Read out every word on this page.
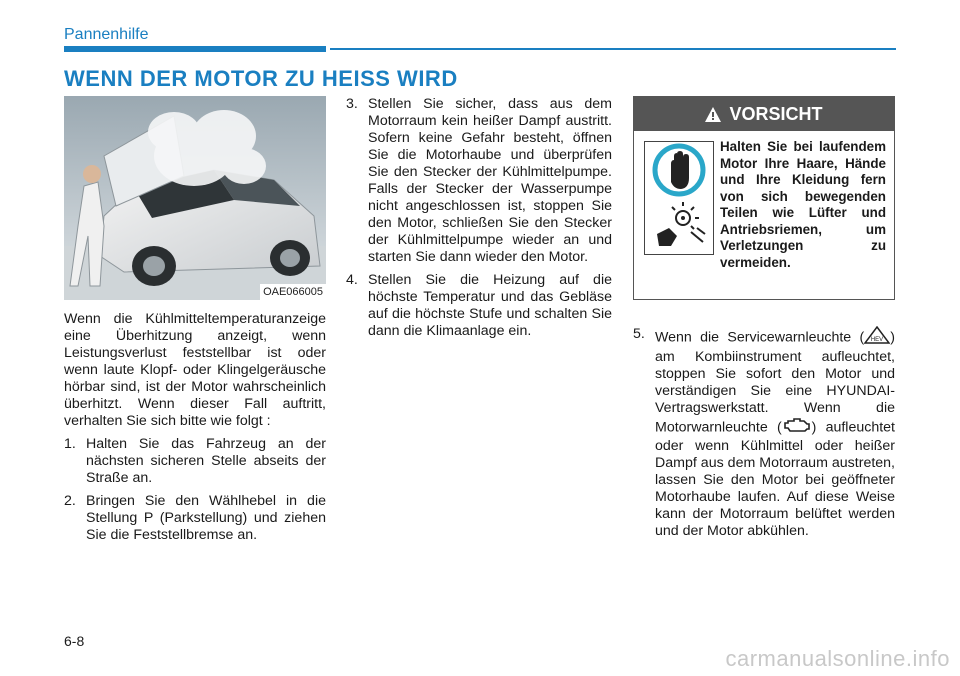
Pannenhilfe
WENN DER MOTOR ZU HEISS WIRD
OAE066005

Wenn die Kühlmitteltemperaturanzeige eine Überhitzung anzeigt, wenn Leistungsverlust feststellbar ist oder wenn laute Klopf- oder Klingelgeräusche hörbar sind, ist der Motor wahrscheinlich überhitzt. Wenn dieser Fall auftritt, verhalten Sie sich bitte wie folgt :

1. Halten Sie das Fahrzeug an der nächsten sicheren Stelle abseits der Straße an.
2. Bringen Sie den Wählhebel in die Stellung P (Parkstellung) und ziehen Sie die Feststellbremse an.
3. Stellen Sie sicher, dass aus dem Motorraum kein heißer Dampf austritt. Sofern keine Gefahr besteht, öffnen Sie die Motorhaube und überprüfen Sie den Stecker der Kühlmittelpumpe. Falls der Stecker der Wasserpumpe nicht angeschlossen ist, stoppen Sie den Motor, schließen Sie den Stecker der Kühlmittelpumpe wieder an und starten Sie dann wieder den Motor.
4. Stellen Sie die Heizung auf die höchste Temperatur und das Gebläse auf die höchste Stufe und schalten Sie dann die Klimaanlage ein.
VORSICHT
Halten Sie bei laufendem Motor Ihre Haare, Hände und Ihre Kleidung fern von sich bewegenden Teilen wie Lüfter und Antriebsriemen, um Verletzungen zu vermeiden.
5. Wenn die Servicewarnleuchte ( HEV ) am Kombiinstrument aufleuchtet, stoppen Sie sofort den Motor und verständigen Sie eine HYUNDAI-Vertragswerkstatt. Wenn die Motorwarnleuchte ( ) aufleuchtet oder wenn Kühlmittel oder heißer Dampf aus dem Motorraum austreten, lassen Sie den Motor bei geöffneter Motorhaube laufen. Auf diese Weise kann der Motorraum belüftet werden und der Motor abkühlen.
6-8
carmanualsonline.info
